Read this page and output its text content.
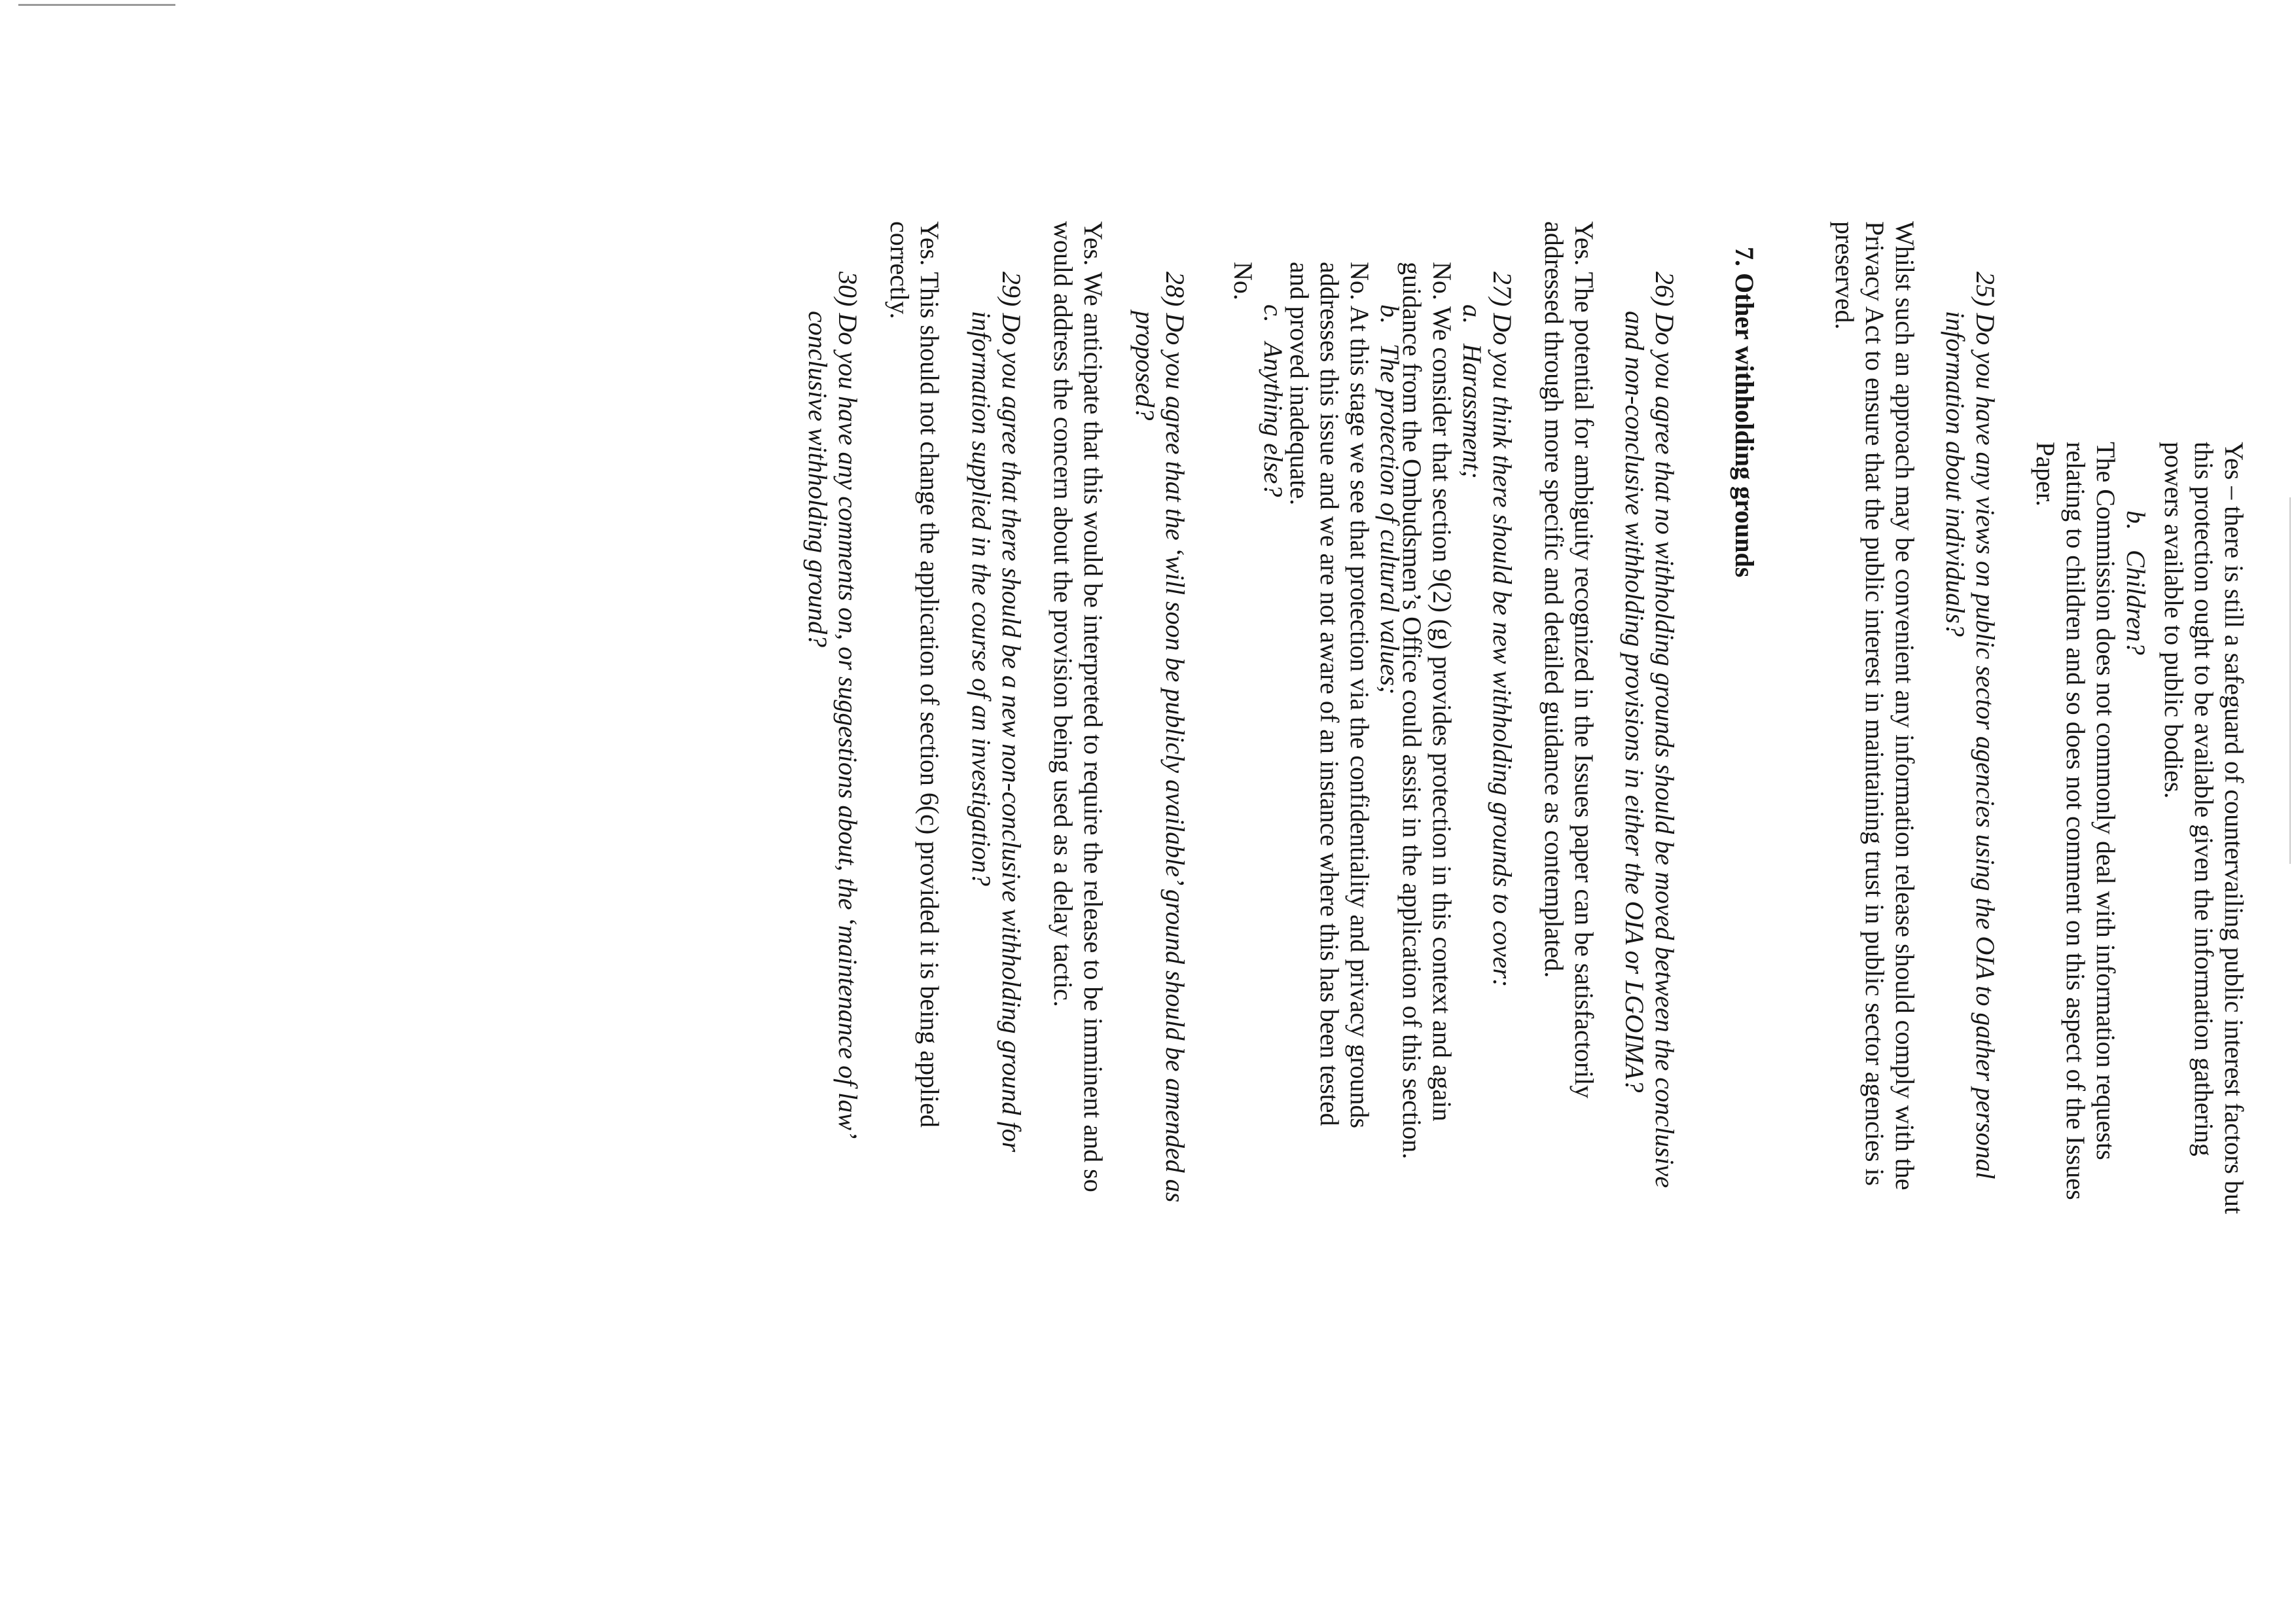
Yes – there is still a safeguard of countervailing public interest factors but
this protection ought to be available given the information gathering
powers available to public bodies.
b.   Children?
The Commission does not commonly deal with information requests
relating to children and so does not comment on this aspect of the Issues
Paper.
25) Do you have any views on public sector agencies using the OIA to gather personal
information about individuals?
Whilst such an approach may be convenient any information release should comply with the
Privacy Act to ensure that the public interest in maintaining trust in public sector agencies is
preserved.
7. Other withholding grounds
26) Do you agree that no withholding grounds should be moved between the conclusive
and non-conclusive withholding provisions in either the OIA or LGOIMA?
Yes. The potential for ambiguity recognized in the Issues paper can be satisfactorily
addressed through more specific and detailed guidance as contemplated.
27) Do you think there should be new withholding grounds to cover:
a.   Harassment;
No. We consider that section 9(2) (g) provides protection in this context and again
guidance from the Ombudsmen’s Office could assist in the application of this section.
b.   The protection of cultural values;
No. At this stage we see that protection via the confidentiality and privacy grounds
addresses this issue and we are not aware of an instance where this has been tested
and proved inadequate.
c.   Anything else?
No.
28) Do you agree that the ‘will soon be publicly available’ ground should be amended as
proposed?
Yes. We anticipate that this would be interpreted to require the release to be imminent and so
would address the concern about the provision being used as a delay tactic.
29) Do you agree that there should be a new non-conclusive withholding ground for
information supplied in the course of an investigation?
Yes. This should not change the application of section 6(c) provided it is being applied
correctly.
30) Do you have any comments on, or suggestions about, the ‘maintenance of law’
conclusive withholding ground?
